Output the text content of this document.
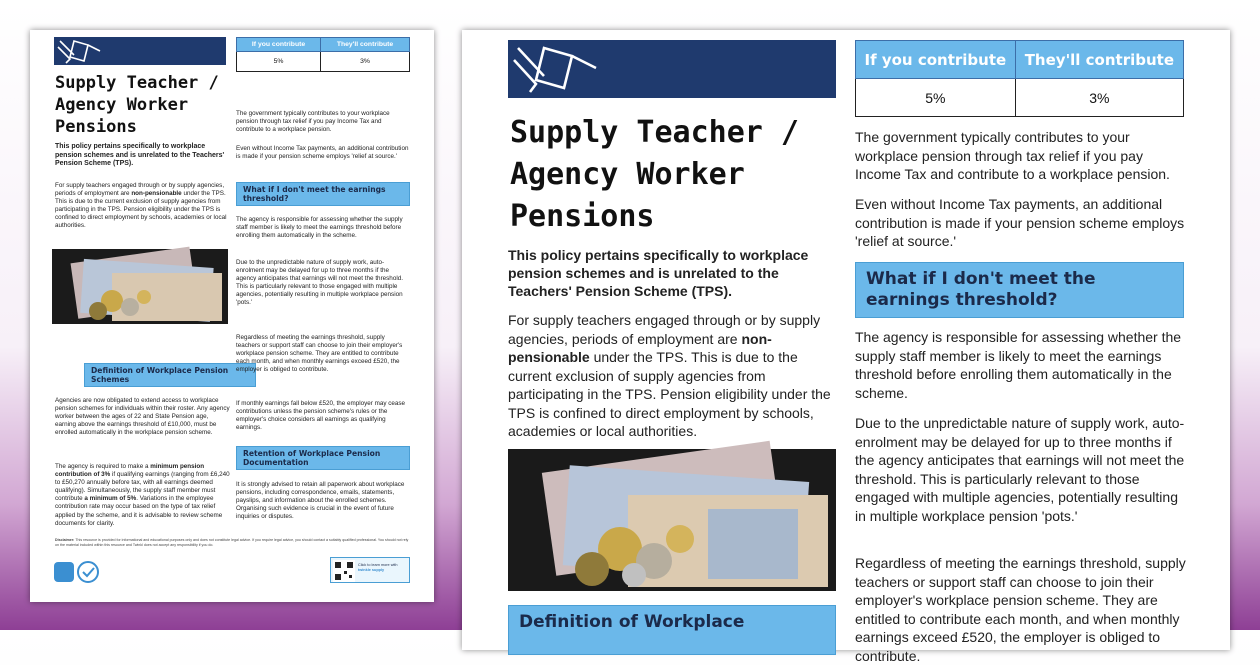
Supply Teacher /
Agency Worker
Pensions
This policy pertains specifically to workplace pension schemes and is unrelated to the Teachers' Pension Scheme (TPS).
For supply teachers engaged through or by supply agencies, periods of employment are non-pensionable under the TPS. This is due to the current exclusion of supply agencies from participating in the TPS. Pension eligibility under the TPS is confined to direct employment by schools, academies or local authorities.
Definition of Workplace Pension Schemes
Agencies are now obligated to extend access to workplace pension schemes for individuals within their roster. Any agency worker between the ages of 22 and State Pension age, earning above the earnings threshold of £10,000, must be enrolled automatically in the workplace pension scheme.
The agency is required to make a minimum pension contribution of 3% if qualifying earnings (ranging from £6,240 to £50,270 annually before tax, with all earnings deemed qualifying). Simultaneously, the supply staff member must contribute a minimum of 5%. Variations in the employee contribution rate may occur based on the type of tax relief applied by the scheme, and it is advisable to review scheme documents for clarity.
If you contribute	They'll contribute
5%	3%
The government typically contributes to your workplace pension through tax relief if you pay Income Tax and contribute to a workplace pension.
Even without Income Tax payments, an additional contribution is made if your pension scheme employs 'relief at source.'
What if I don't meet the earnings threshold?
The agency is responsible for assessing whether the supply staff member is likely to meet the earnings threshold before enrolling them automatically in the scheme.
Due to the unpredictable nature of supply work, auto-enrolment may be delayed for up to three months if the agency anticipates that earnings will not meet the threshold. This is particularly relevant to those engaged with multiple agencies, potentially resulting in multiple workplace pension 'pots.'
Regardless of meeting the earnings threshold, supply teachers or support staff can choose to join their employer's workplace pension scheme. They are entitled to contribute each month, and when monthly earnings exceed £520, the employer is obliged to contribute.
If monthly earnings fall below £520, the employer may cease contributions unless the pension scheme's rules or the employer's choice considers all earnings as qualifying earnings.
Retention of Workplace Pension Documentation
It is strongly advised to retain all paperwork about workplace pensions, including correspondence, emails, statements, payslips, and information about the enrolled schemes. Organising such evidence is crucial in the event of future inquiries or disputes.
Disclaimer: This resource is provided for informational and educational purposes only and does not constitute legal advice. If you require legal advice, you should contact a suitably qualified professional. You should not rely on the material included within this resource and Twinkl does not accept any responsibility if you do.
Click to learn more with
twinkle supply
Supply Teacher /
Agency Worker
Pensions
This policy pertains specifically to workplace pension schemes and is unrelated to the Teachers' Pension Scheme (TPS).
For supply teachers engaged through or by supply agencies, periods of employment are non-pensionable under the TPS. This is due to the current exclusion of supply agencies from participating in the TPS. Pension eligibility under the TPS is confined to direct employment by schools, academies or local authorities.
Definition of Workplace
If you contribute	They'll contribute
5%	3%
The government typically contributes to your workplace pension through tax relief if you pay Income Tax and contribute to a workplace pension.
Even without Income Tax payments, an additional contribution is made if your pension scheme employs 'relief at source.'
What if I don't meet the earnings threshold?
The agency is responsible for assessing whether the supply staff member is likely to meet the earnings threshold before enrolling them automatically in the scheme.
Due to the unpredictable nature of supply work, auto-enrolment may be delayed for up to three months if the agency anticipates that earnings will not meet the threshold. This is particularly relevant to those engaged with multiple agencies, potentially resulting in multiple workplace pension 'pots.'
Regardless of meeting the earnings threshold, supply teachers or support staff can choose to join their employer's workplace pension scheme. They are entitled to contribute each month, and when monthly earnings exceed £520, the employer is obliged to contribute.
